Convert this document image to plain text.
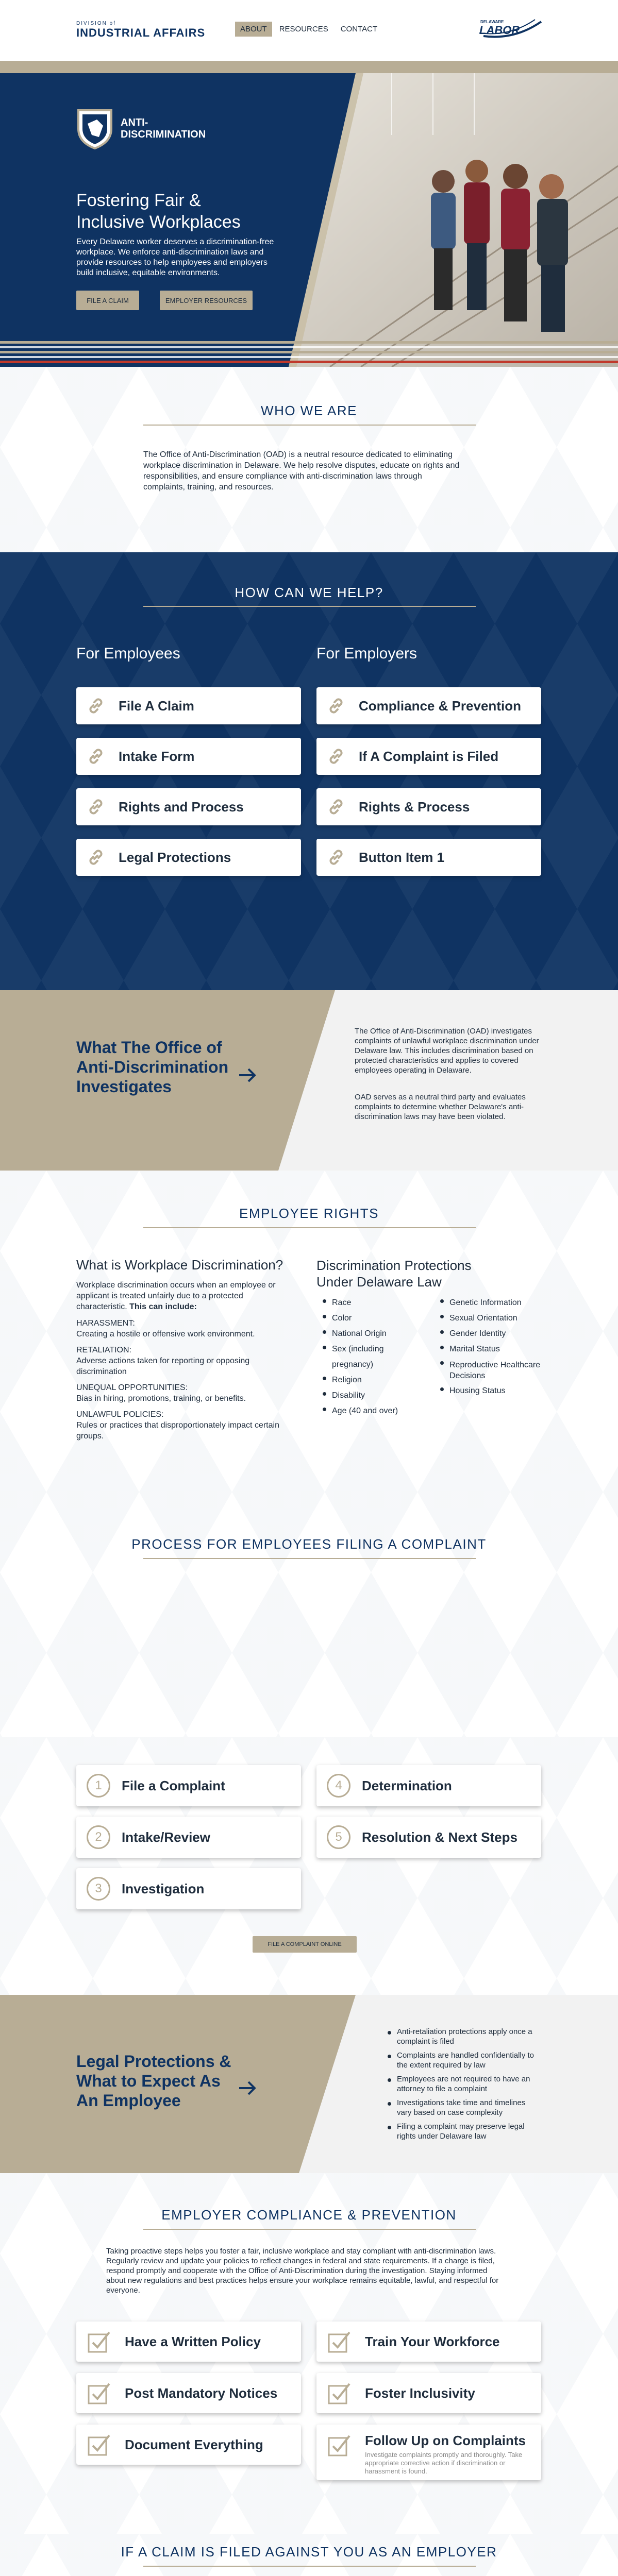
DIVISION of
INDUSTRIAL AFFAIRS	ABOUT	RESOURCES	CONTACT
DELAWARE
LABOR
ANTI-
DISCRIMINATION
Fostering Fair &
Inclusive Workplaces
Every Delaware worker deserves a discrimination-free workplace. We enforce anti-discrimination laws and provide resources to help employees and employers build inclusive, equitable environments.
FILE A CLAIM	EMPLOYER RESOURCES
WHO WE ARE
The Office of Anti-Discrimination (OAD) is a neutral resource dedicated to eliminating workplace discrimination in Delaware. We help resolve disputes, educate on rights and responsibilities, and ensure compliance with anti-discrimination laws through complaints, training, and resources.
HOW CAN WE HELP?
For Employees	For Employers
File A Claim
Intake Form
Rights and Process
Legal Protections
Compliance & Prevention
If A Complaint is Filed
Rights & Process
Button Item 1
What The Office of
Anti-Discrimination
Investigates
The Office of Anti-Discrimination (OAD) investigates complaints of unlawful workplace discrimination under Delaware law. This includes discrimination based on protected characteristics and applies to covered employees operating in Delaware.
OAD serves as a neutral third party and evaluates complaints to determine whether Delaware's anti-discrimination laws may have been violated.
EMPLOYEE RIGHTS
What is Workplace Discrimination?
Workplace discrimination occurs when an employee or applicant is treated unfairly due to a protected characteristic. This can include:
HARASSMENT:
Creating a hostile or offensive work environment.
RETALIATION:
Adverse actions taken for reporting or opposing discrimination
UNEQUAL OPPORTUNITIES:
Bias in hiring, promotions, training, or benefits.
UNLAWFUL POLICIES:
Rules or practices that disproportionately impact certain groups.
Discrimination Protections
Under Delaware Law
Race
Color
National Origin
Sex (including pregnancy)
Religion
Disability
Age (40 and over)
Genetic Information
Sexual Orientation
Gender Identity
Marital Status
Reproductive Healthcare Decisions
Housing Status
PROCESS FOR EMPLOYEES FILING A COMPLAINT
1	File a Complaint	4	Determination
2	Intake/Review	5	Resolution & Next Steps
3	Investigation
FILE A COMPLAINT ONLINE
Legal Protections &
What to Expect As
An Employee
Anti-retaliation protections apply once a complaint is filed
Complaints are handled confidentially to the extent required by law
Employees are not required to have an attorney to file a complaint
Investigations take time and timelines vary based on case complexity
Filing a complaint may preserve legal rights under Delaware law
EMPLOYER COMPLIANCE & PREVENTION
Taking proactive steps helps you foster a fair, inclusive workplace and stay compliant with anti-discrimination laws. Regularly review and update your policies to reflect changes in federal and state requirements. If a charge is filed, respond promptly and cooperate with the Office of Anti-Discrimination during the investigation. Staying informed about new regulations and best practices helps ensure your workplace remains equitable, lawful, and respectful for everyone.
Have a Written Policy	Train Your Workforce
Post Mandatory Notices	Foster Inclusivity
Document Everything	Follow Up on Complaints
Investigate complaints promptly and thoroughly. Take appropriate corrective action if discrimination or harassment is found.
IF A CLAIM IS FILED AGAINST YOU AS AN EMPLOYER
